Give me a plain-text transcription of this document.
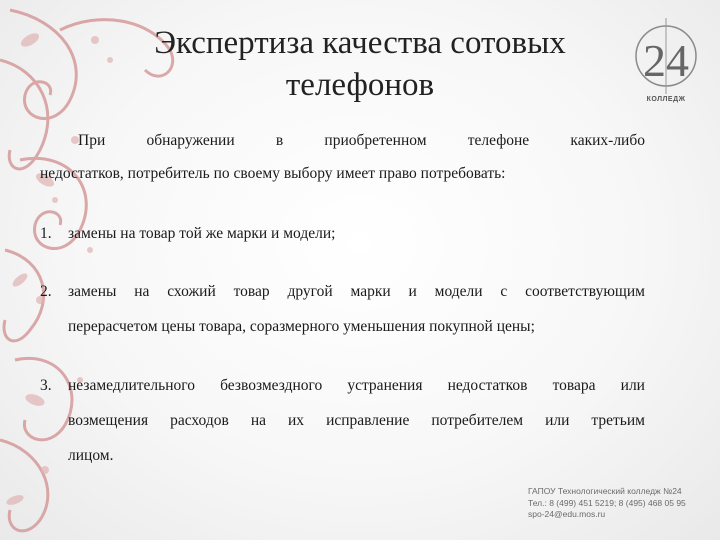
Экспертиза качества сотовых телефонов	24
КОЛЛЕДЖ
При	обнаружении	в	приобретенном	телефоне	каких-либо
недостатков, потребитель по своему выбору имеет право потребовать:
1. замены на товар той же марки и модели;
2. замены на схожий товар другой марки и модели с соответствующим
перерасчетом цены товара, соразмерного уменьшения покупной цены;
3. незамедлительного безвозмездного устранения недостатков товара или
возмещения расходов на их исправление потребителем или третьим
лицом.
ГАПОУ Технологический колледж №24
Тел.: 8 (499) 451 5219; 8 (495) 468 05 95
spo-24@edu.mos.ru
